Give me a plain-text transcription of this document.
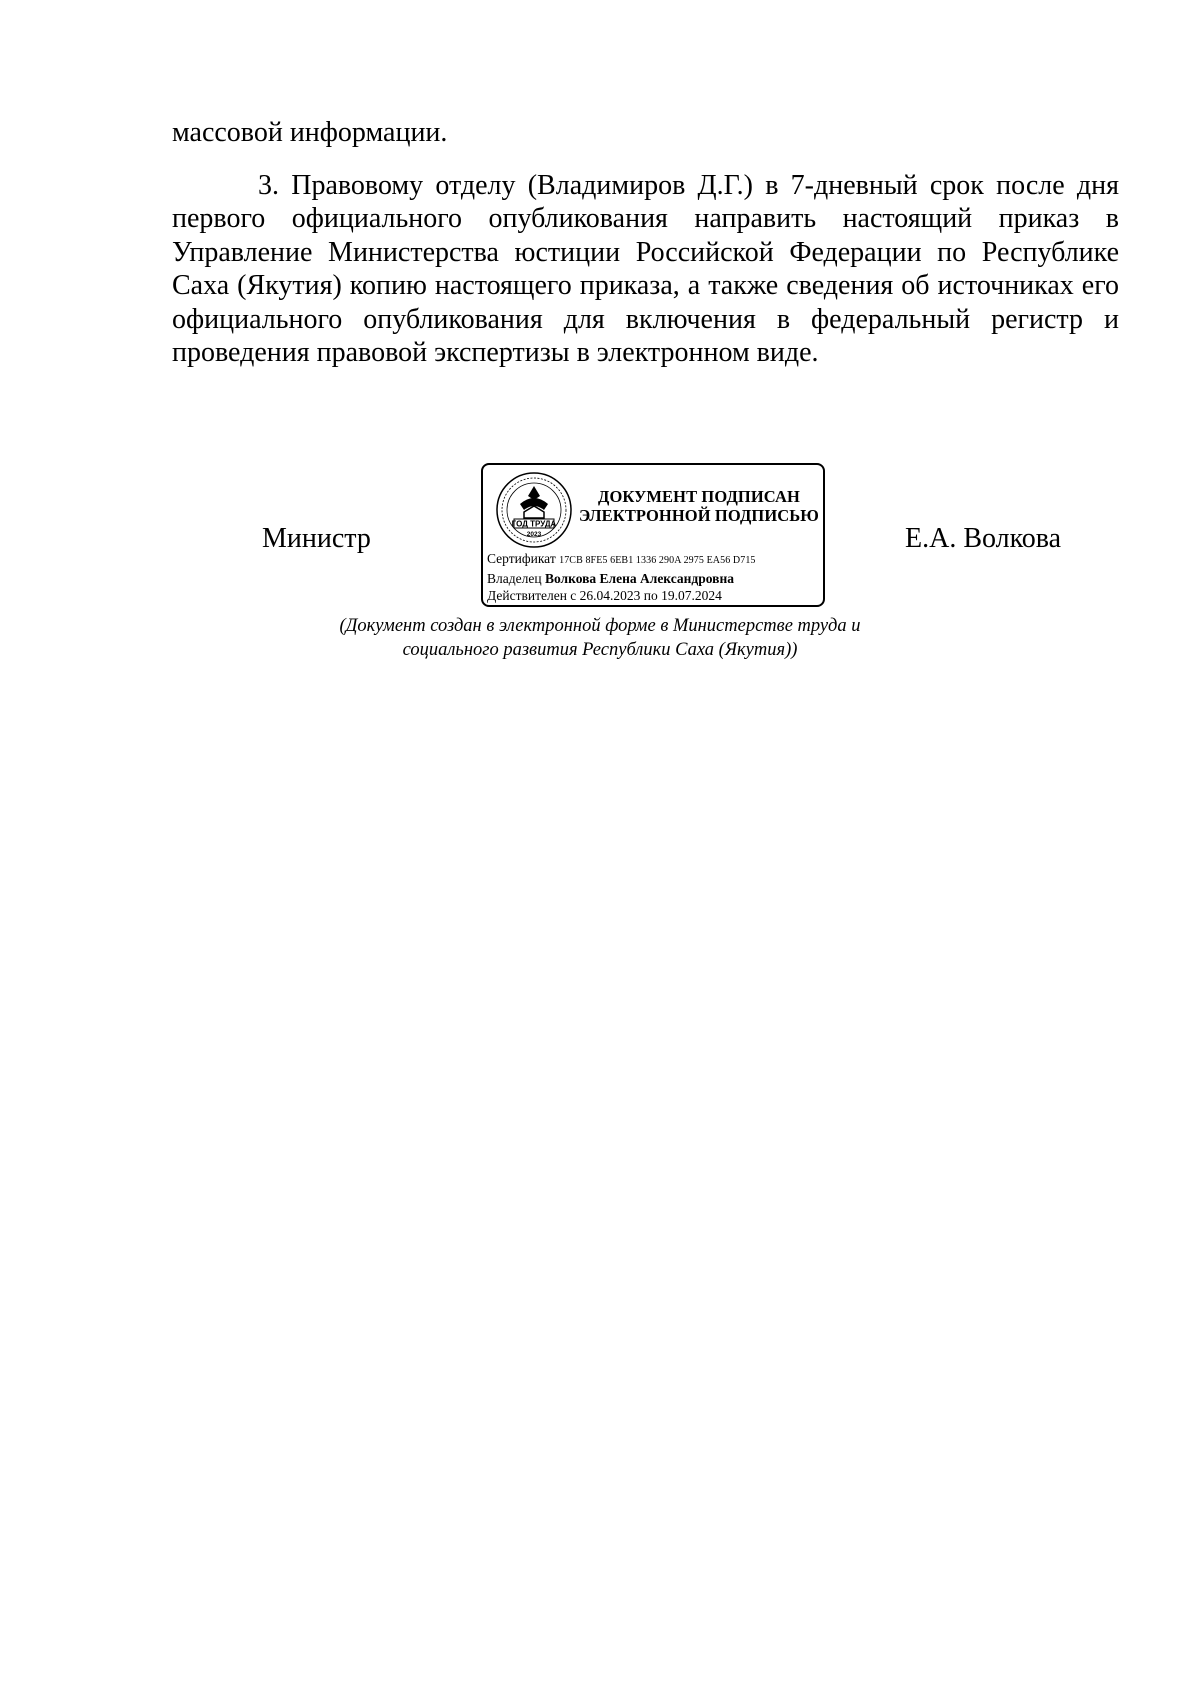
массовой информации.
3. Правовому отделу (Владимиров Д.Г.) в 7-дневный срок после дня первого официального опубликования направить настоящий приказ в Управление Министерства юстиции Российской Федерации по Республике Саха (Якутия) копию настоящего приказа, а также сведения об источниках его официального опубликования для включения в федеральный регистр и проведения правовой экспертизы в электронном виде.
Министр	ГОД ТРУДА
2023
ДОКУМЕНТ ПОДПИСАН
ЭЛЕКТРОННОЙ ПОДПИСЬЮ
Сертификат 17CB 8FE5 6EB1 1336 290A 2975 EA56 D715
Владелец Волкова Елена Александровна
Действителен с 26.04.2023 по 19.07.2024
Е.А. Волкова
(Документ создан в электронной форме в Министерстве труда и
социального развития Республики Саха (Якутия))
